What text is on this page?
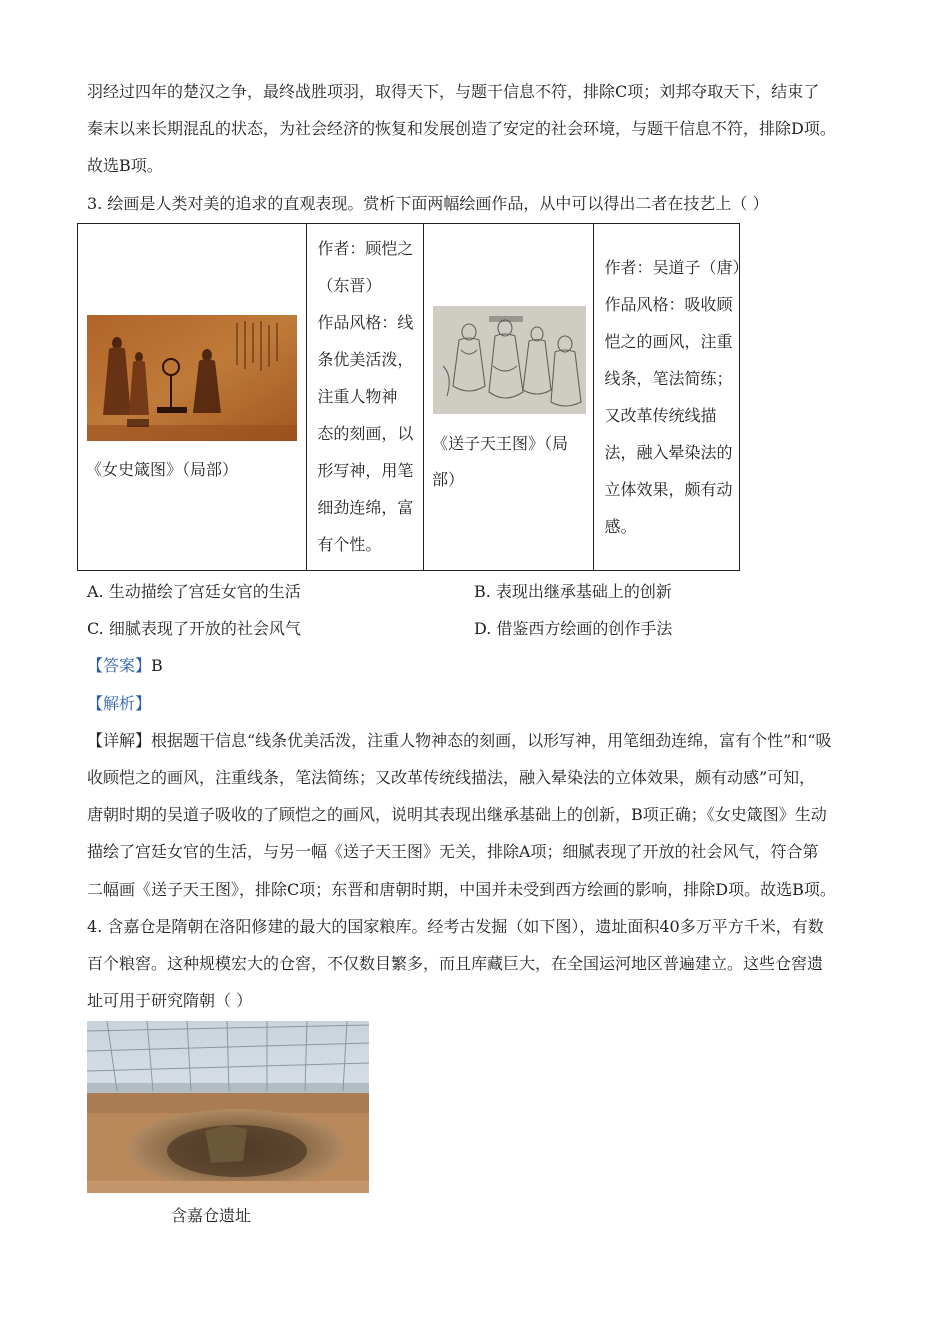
羽经过四年的楚汉之争，最终战胜项羽，取得天下，与题干信息不符，排除C项；刘邦夺取天下，结束了
秦末以来长期混乱的状态，为社会经济的恢复和发展创造了安定的社会环境，与题干信息不符，排除D项。
故选B项。
3. 绘画是人类对美的追求的直观表现。赏析下面两幅绘画作品，从中可以得出二者在技艺上（ ）
《女史箴图》（局部）
作者：顾恺之
（东晋）
作品风格：线
条优美活泼，
注重人物神
态的刻画，以
形写神，用笔
细劲连绵，富
有个性。
《送子天王图》（局
部）
作者：吴道子（唐）
作品风格：吸收顾
恺之的画风，注重
线条，笔法简练；
又改革传统线描
法，融入晕染法的
立体效果，颇有动
感。
A. 生动描绘了宫廷女官的生活	B. 表现出继承基础上的创新
C. 细腻表现了开放的社会风气	D. 借鉴西方绘画的创作手法
【答案】B
【解析】
【详解】根据题干信息“线条优美活泼，注重人物神态的刻画，以形写神，用笔细劲连绵，富有个性”和“吸
收顾恺之的画风，注重线条，笔法简练；又改革传统线描法，融入晕染法的立体效果，颇有动感”可知，
唐朝时期的吴道子吸收的了顾恺之的画风，说明其表现出继承基础上的创新，B项正确；《女史箴图》生动
描绘了宫廷女官的生活，与另一幅《送子天王图》无关，排除A项；细腻表现了开放的社会风气，符合第
二幅画《送子天王图》，排除C项；东晋和唐朝时期，中国并未受到西方绘画的影响，排除D项。故选B项。
4. 含嘉仓是隋朝在洛阳修建的最大的国家粮库。经考古发掘（如下图），遗址面积40多万平方千米，有数
百个粮窖。这种规模宏大的仓窖，不仅数目繁多，而且库藏巨大，在全国运河地区普遍建立。这些仓窖遗
址可用于研究隋朝（ ）
含嘉仓遗址
